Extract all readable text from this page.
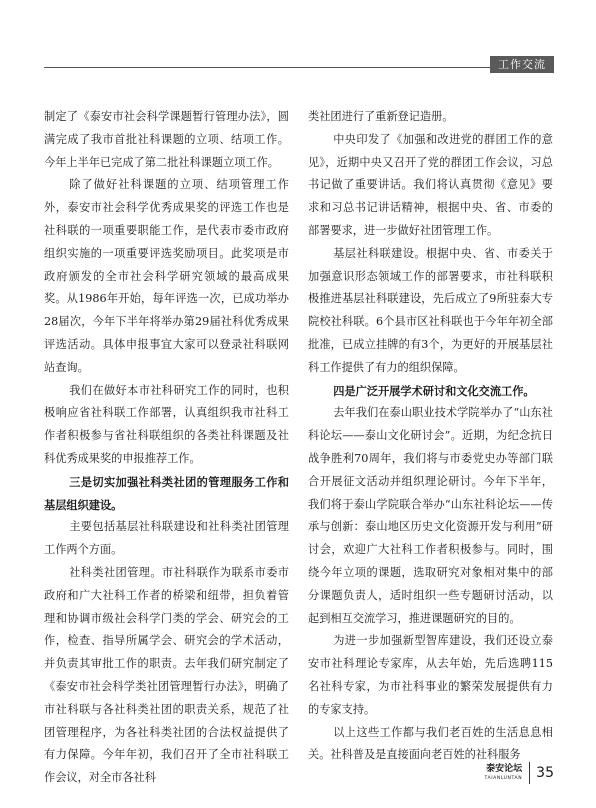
工作交流

制定了《泰安市社会科学课题暂行管理办法》，圆满完成了我市首批社科课题的立项、结项工作。今年上半年已完成了第二批社科课题立项工作。

除了做好社科课题的立项、结项管理工作外，泰安市社会科学优秀成果奖的评选工作也是社科联的一项重要职能工作，是代表市委市政府组织实施的一项重要评选奖励项目。此奖项是市政府颁发的全市社会科学研究领域的最高成果奖。从1986年开始，每年评选一次，已成功举办28届次，今年下半年将举办第29届社科优秀成果评选活动。具体申报事宜大家可以登录社科联网站查询。

我们在做好本市社科研究工作的同时，也积极响应省社科联工作部署，认真组织我市社科工作者积极参与省社科联组织的各类社科课题及社科优秀成果奖的申报推荐工作。

三是切实加强社科类社团的管理服务工作和基层组织建设。

主要包括基层社科联建设和社科类社团管理工作两个方面。

社科类社团管理。市社科联作为联系市委市政府和广大社科工作者的桥梁和纽带，担负着管理和协调市级社会科学门类的学会、研究会的工作，检查、指导所属学会、研究会的学术活动，并负责其审批工作的职责。去年我们研究制定了《泰安市社会科学类社团管理暂行办法》，明确了市社科联与各社科类社团的职责关系，规范了社团管理程序，为各社科类社团的合法权益提供了有力保障。今年年初，我们召开了全市社科联工作会议，对全市各社科

类社团进行了重新登记造册。

中央印发了《加强和改进党的群团工作的意见》，近期中央又召开了党的群团工作会议，习总书记做了重要讲话。我们将认真贯彻《意见》要求和习总书记讲话精神，根据中央、省、市委的部署要求，进一步做好社团管理工作。

基层社科联建设。根据中央、省、市委关于加强意识形态领域工作的部署要求，市社科联积极推进基层社科联建设，先后成立了9所驻泰大专院校社科联。6个县市区社科联也于今年年初全部批准，已成立挂牌的有3个，为更好的开展基层社科工作提供了有力的组织保障。

四是广泛开展学术研讨和文化交流工作。

去年我们在泰山职业技术学院举办了“山东社科论坛——泰山文化研讨会”。近期，为纪念抗日战争胜利70周年，我们将与市委党史办等部门联合开展征文活动并组织理论研讨。今年下半年，我们将于泰山学院联合举办“山东社科论坛——传承与创新：泰山地区历史文化资源开发与利用”研讨会，欢迎广大社科工作者积极参与。同时，围绕今年立项的课题，选取研究对象相对集中的部分课题负责人，适时组织一些专题研讨活动，以起到相互交流学习，推进课题研究的目的。

为进一步加强新型智库建设，我们还设立泰安市社科理论专家库，从去年始，先后选聘115名社科专家，为市社科事业的繁荣发展提供有力的专家支持。

以上这些工作都与我们老百姓的生活息息相关。社科普及是直接面向老百姓的社科服务

泰安论坛
TAIANLUNTAN 35
